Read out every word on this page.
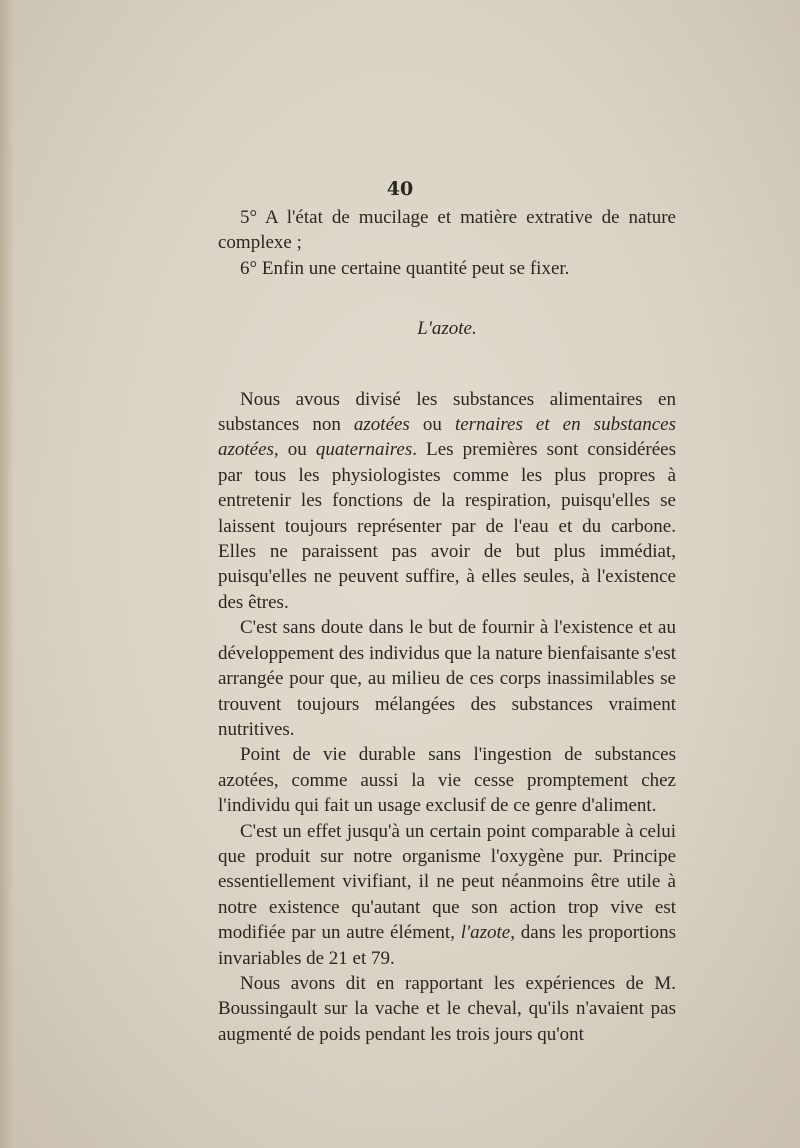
40

5° A l'état de mucilage et matière extrative de nature complexe ;

6° Enfin une certaine quantité peut se fixer.

L'azote.

Nous avous divisé les substances alimentaires en substances non azotées ou ternaires et en substances azotées, ou quaternaires. Les premières sont considérées par tous les physiologistes comme les plus propres à entretenir les fonctions de la respiration, puisqu'elles se laissent toujours représenter par de l'eau et du carbone. Elles ne paraissent pas avoir de but plus immédiat, puisqu'elles ne peuvent suffire, à elles seules, à l'existence des êtres.

C'est sans doute dans le but de fournir à l'existence et au développement des individus que la nature bienfaisante s'est arrangée pour que, au milieu de ces corps inassimilables se trouvent toujours mélangées des substances vraiment nutritives.

Point de vie durable sans l'ingestion de substances azotées, comme aussi la vie cesse promptement chez l'individu qui fait un usage exclusif de ce genre d'aliment.

C'est un effet jusqu'à un certain point comparable à celui que produit sur notre organisme l'oxygène pur. Principe essentiellement vivifiant, il ne peut néanmoins être utile à notre existence qu'autant que son action trop vive est modifiée par un autre élément, l'azote, dans les proportions invariables de 21 et 79.

Nous avons dit en rapportant les expériences de M. Boussingault sur la vache et le cheval, qu'ils n'avaient pas augmenté de poids pendant les trois jours qu'ont
